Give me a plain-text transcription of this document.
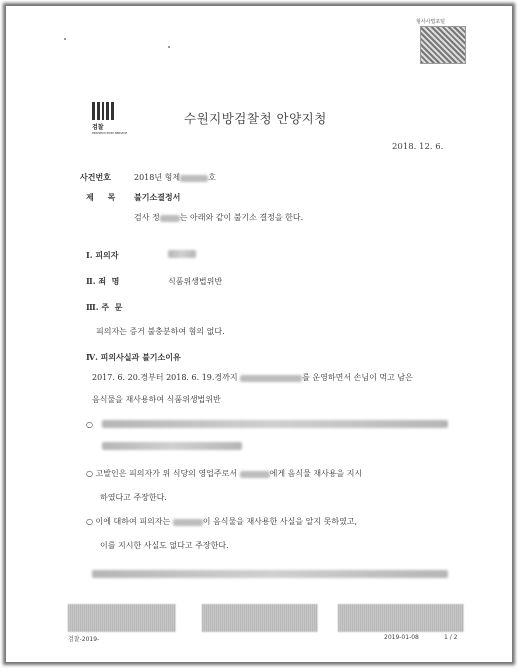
형사사법포털
검찰
PROSECUTION SERVICE
수원지방검찰청 안양지청
2018. 12. 6.
사건번호	2018년 형제	호
제     목 불기소결정서
검사 정	는 아래와 같이 불기소 결정을 한다.
Ⅰ. 피의자
Ⅱ. 죄  명	식품위생법위반
Ⅲ. 주  문
피의자는 증거 불충분하여 혐의 없다.
Ⅳ. 피의사실과 불기소이유
2017. 6. 20.경부터 2018. 6. 19.경까지	를 운영하면서 손님이 먹고 남은
음식물을 재사용하여 식품위생법위반
○
○ 고발인은 피의자가 위 식당의 영업주로서	에게 음식물 재사용을 지시
하였다고 주장한다.
○ 이에 대하여 피의자는	이 음식물을 재사용한 사실을 알지 못하였고,
이를 지시한 사실도 없다고 주장한다.
검찰-2019-	2019-01-08	1 / 2
